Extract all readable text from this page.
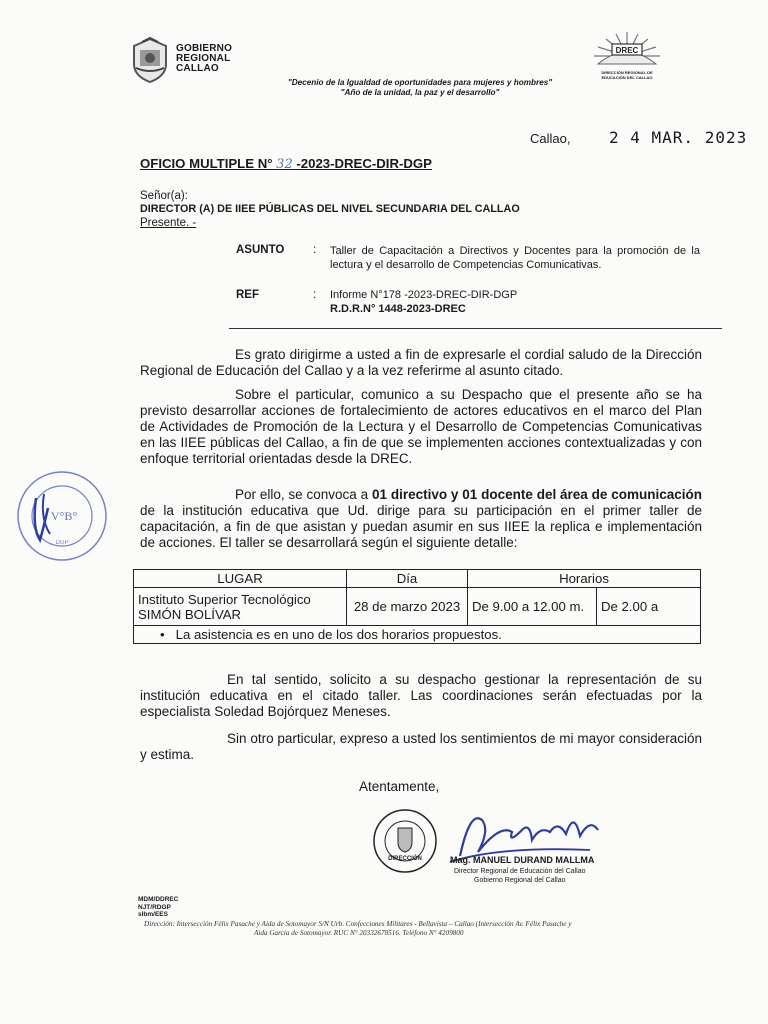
GOBIERNO
REGIONAL
CALLAO
"Decenio de la Igualdad de oportunidades para mujeres y hombres"
"Año de la unidad, la paz y el desarrollo"
DREC
DIRECCIÓN REGIONAL DE
EDUCACIÓN DEL CALLAO
Callao, 2 4 MAR. 2023
OFICIO MULTIPLE N° 32 -2023-DREC-DIR-DGP
Señor(a):
DIRECTOR (A) DE IIEE PÚBLICAS DEL NIVEL SECUNDARIA DEL CALLAO
Presente. -
ASUNTO : Taller de Capacitación a Directivos y Docentes para la promoción de la lectura y el desarrollo de Competencias Comunicativas.
REF	: Informe N°178 -2023-DREC-DIR-DGP
R.D.R.N° 1448-2023-DREC
Es grato dirigirme a usted a fin de expresarle el cordial saludo de la Dirección Regional de Educación del Callao y a la vez referirme al asunto citado.
Sobre el particular, comunico a su Despacho que el presente año se ha previsto desarrollar acciones de fortalecimiento de actores educativos en el marco del Plan de Actividades de Promoción de la Lectura y el Desarrollo de Competencias Comunicativas en las IIEE públicas del Callao, a fin de que se implementen acciones contextualizadas y con enfoque territorial orientadas desde la DREC.
Por ello, se convoca a 01 directivo y 01 docente del área de comunicación de la institución educativa que Ud. dirige para su participación en el primer taller de capacitación, a fin de que asistan y puedan asumir en sus IIEE la replica e implementación de acciones. El taller se desarrollará según el siguiente detalle:
LUGAR	Día	Horarios	

Instituto Superior Tecnológico
SIMÓN BOLÍVAR	28 de marzo 2023	De 9.00 a 12.00 m.	De 2.00 a
•   La asistencia es en uno de los dos horarios propuestos.			
En tal sentido, solicito a su despacho gestionar la representación de su institución educativa en el citado taller. Las coordinaciones serán efectuadas por la especialista Soledad Bojórquez Meneses.
Sin otro particular, expreso a usted los sentimientos de mi mayor consideración y estima.
Atentamente,
V°B°
DGP
DIRECCIÓN	Mag. MANUEL DURAND MALLMA
Director Regional de Educación del Callao
Gobierno Regional del Callao
MDM/DDREC
NJT/RDGP
slbm/EES
Dirección: Intersección Félix Pasache y Aida de Sotomayor S/N Urb. Confecciones Militares - Bellavista – Callao (Intersección Av. Félix Pasache y
Aida Garcia de Sotomayor. RUC N° 20332678516. Teléfono N° 4209800
